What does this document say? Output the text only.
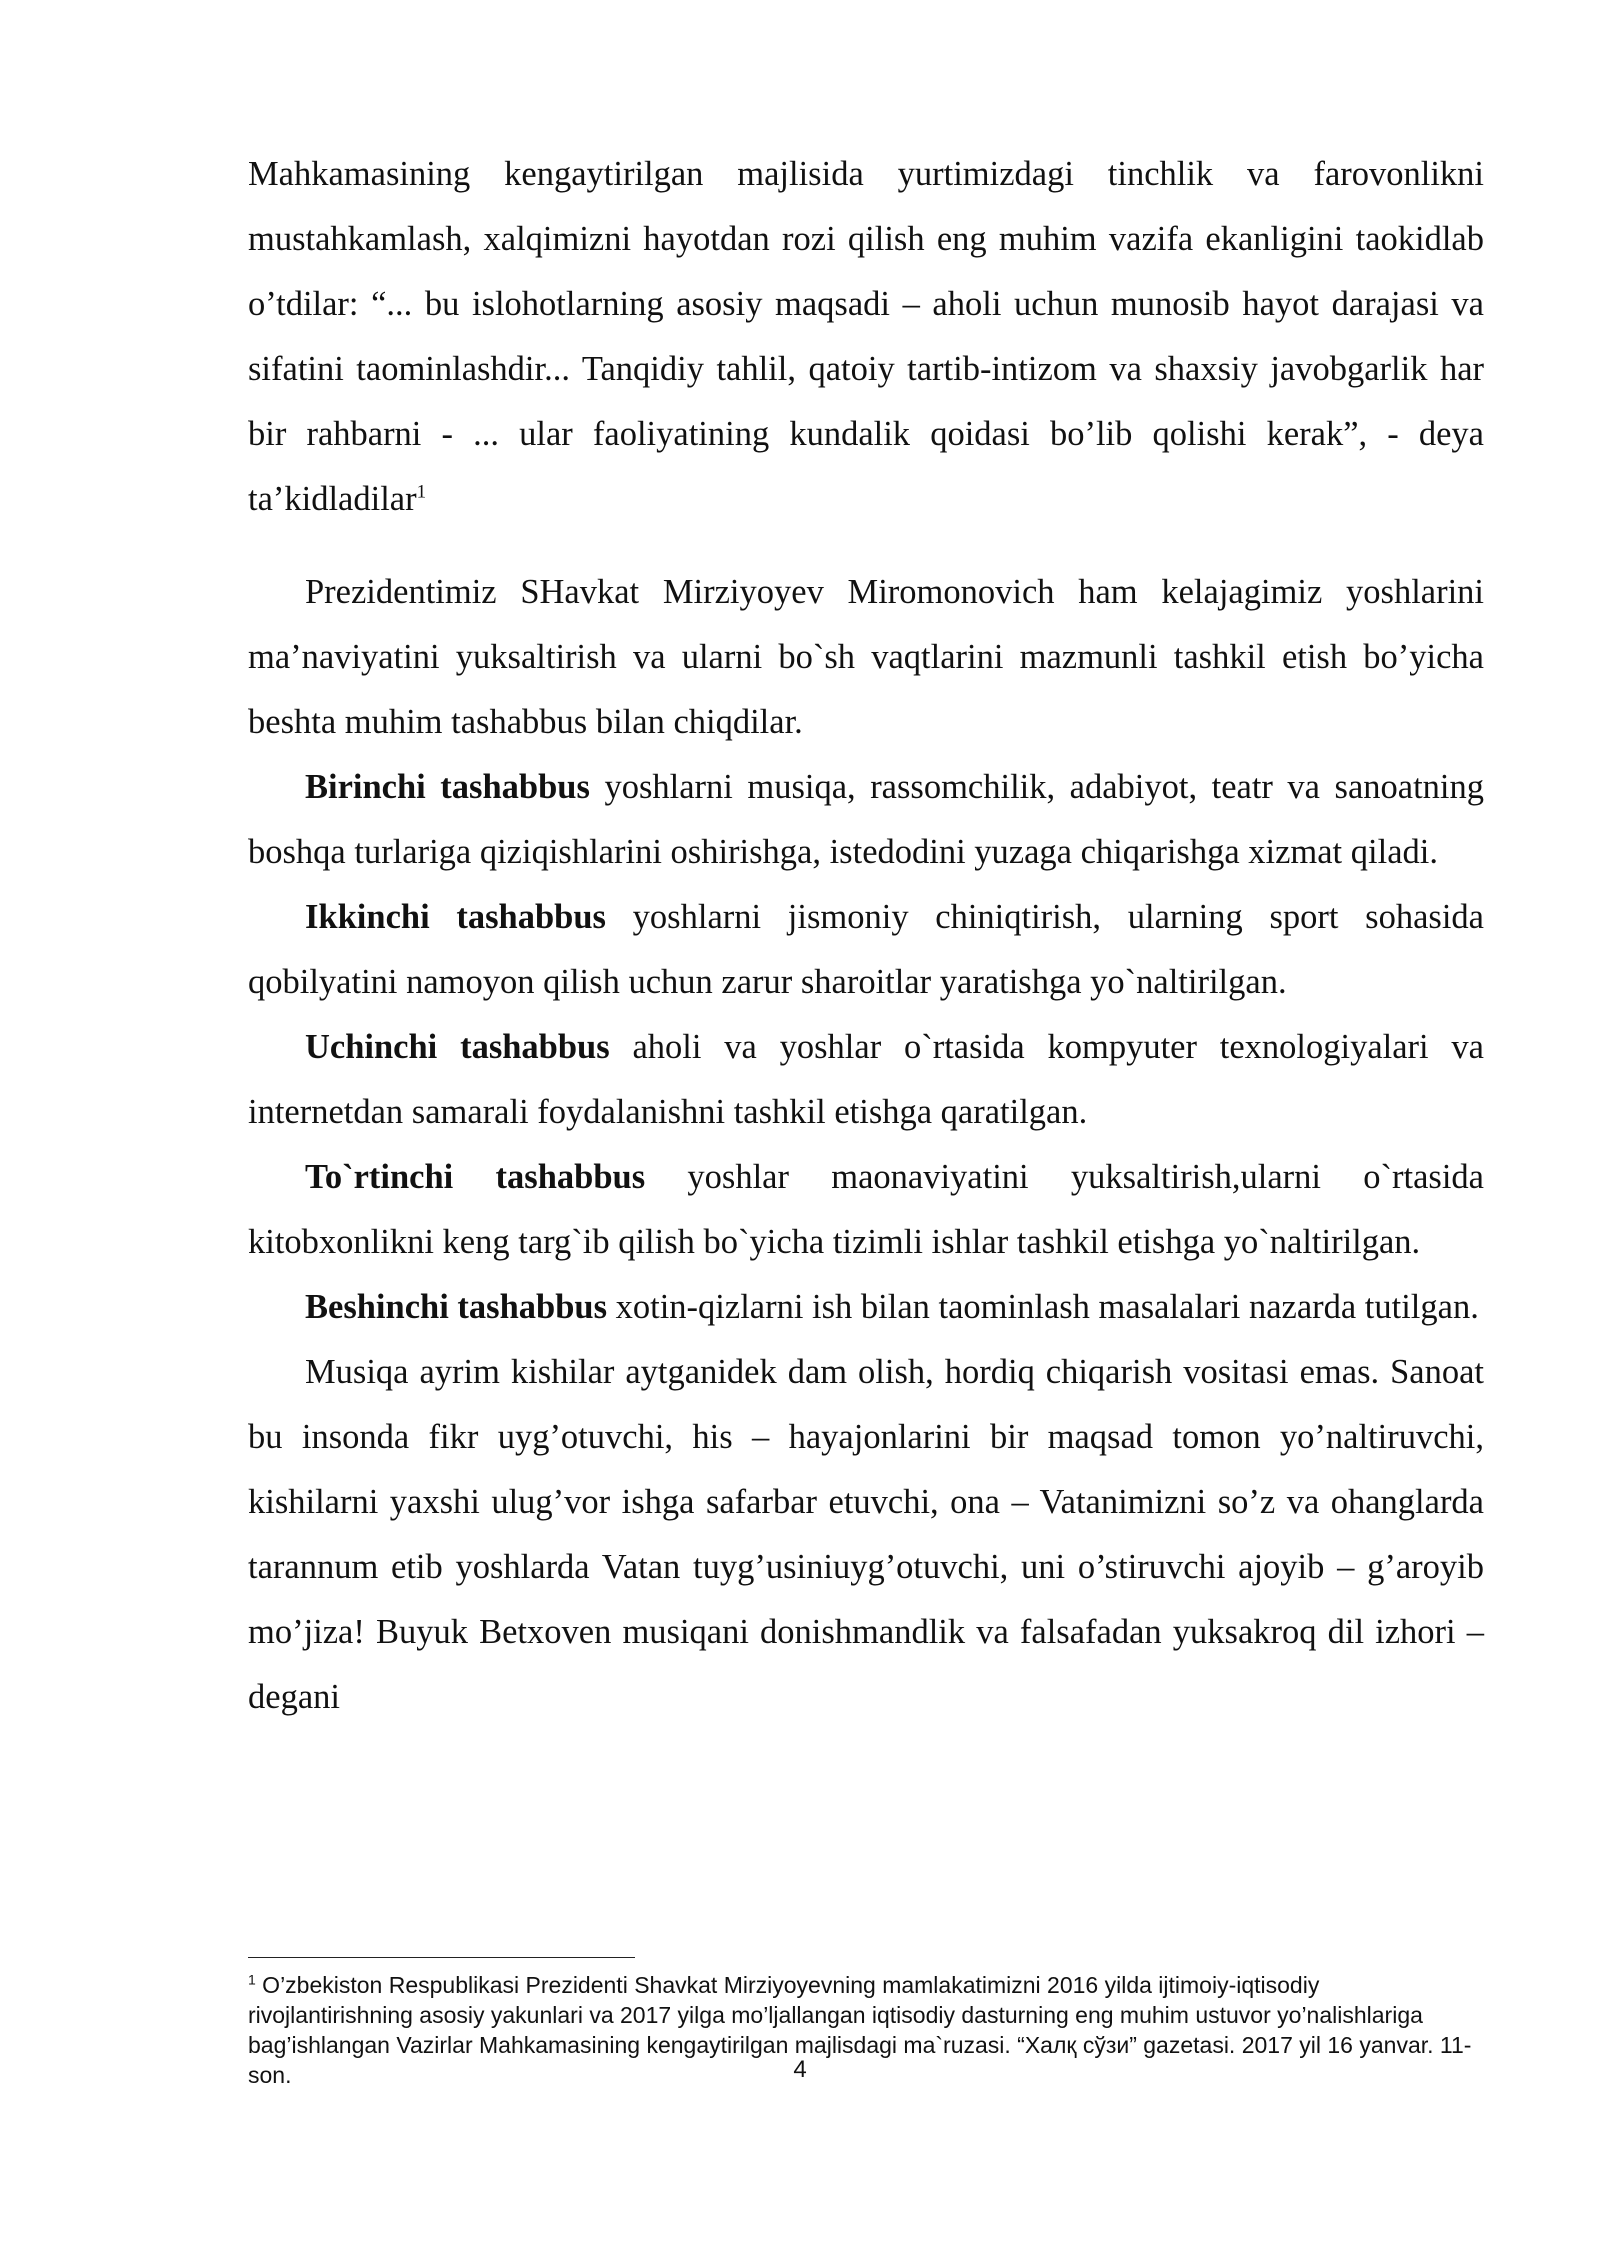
Mahkamasining kengaytirilgan majlisida yurtimizdagi tinchlik va farovonlikni mustahkamlash, xalqimizni hayotdan rozi qilish eng muhim vazifa ekanligini taokidlab o’tdilar: “... bu islohotlarning asosiy maqsadi – aholi uchun munosib hayot darajasi va sifatini taominlashdir... Tanqidiy tahlil, qatoiy tartib-intizom va shaxsiy javobgarlik har bir rahbarni - ... ular faoliyatining kundalik qoidasi bo’lib qolishi kerak”, - deya ta’kidladilar$^1$

Prezidentimiz SHavkat Mirziyoyev Miromonovich ham kelajagimiz yoshlarini ma’naviyatini yuksaltirish va ularni bo`sh vaqtlarini mazmunli tashkil etish bo’yicha beshta muhim tashabbus bilan chiqdilar.

Birinchi tashabbus yoshlarni musiqa, rassomchilik, adabiyot, teatr va sanoatning boshqa turlariga qiziqishlarini oshirishga, istedodini yuzaga chiqarishga xizmat qiladi.

Ikkinchi tashabbus yoshlarni jismoniy chiniqtirish, ularning sport sohasida qobilyatini namoyon qilish uchun zarur sharoitlar yaratishga yo`naltirilgan.

Uchinchi tashabbus aholi va yoshlar o`rtasida kompyuter texnologiyalari va internetdan samarali foydalanishni tashkil etishga qaratilgan.

To`rtinchi tashabbus yoshlar maonaviyatini yuksaltirish,ularni o`rtasida kitobxonlikni keng targ`ib qilish bo`yicha tizimli ishlar tashkil etishga yo`naltirilgan.

Beshinchi tashabbus xotin-qizlarni ish bilan taominlash masalalari nazarda tutilgan.

Musiqa ayrim kishilar aytganidek dam olish, hordiq chiqarish vositasi emas. Sanoat bu insonda fikr uyg’otuvchi, his – hayajonlarini bir maqsad tomon yo’naltiruvchi, kishilarni yaxshi ulug’vor ishga safarbar etuvchi, ona – Vatanimizni so’z va ohanglarda tarannum etib yoshlarda Vatan tuyg’usiniuyg’otuvchi, uni o’stiruvchi ajoyib – g’aroyib mo’jiza! Buyuk Betxoven musiqani donishmandlik va falsafadan yuksakroq dil izhori – degani

$^1$ O’zbekiston Respublikasi Prezidenti Shavkat Mirziyoyevning mamlakatimizni 2016 yilda ijtimoiy-iqtisodiy rivojlantirishning asosiy yakunlari va 2017 yilga mo’ljallangan iqtisodiy dasturning eng muhim ustuvor yo’nalishlariga bag’ishlangan Vazirlar Mahkamasining kengaytirilgan majlisdagi ma`ruzasi. “Халқ сўзи” gazetasi. 2017 yil 16 yanvar. 11-son.	4
